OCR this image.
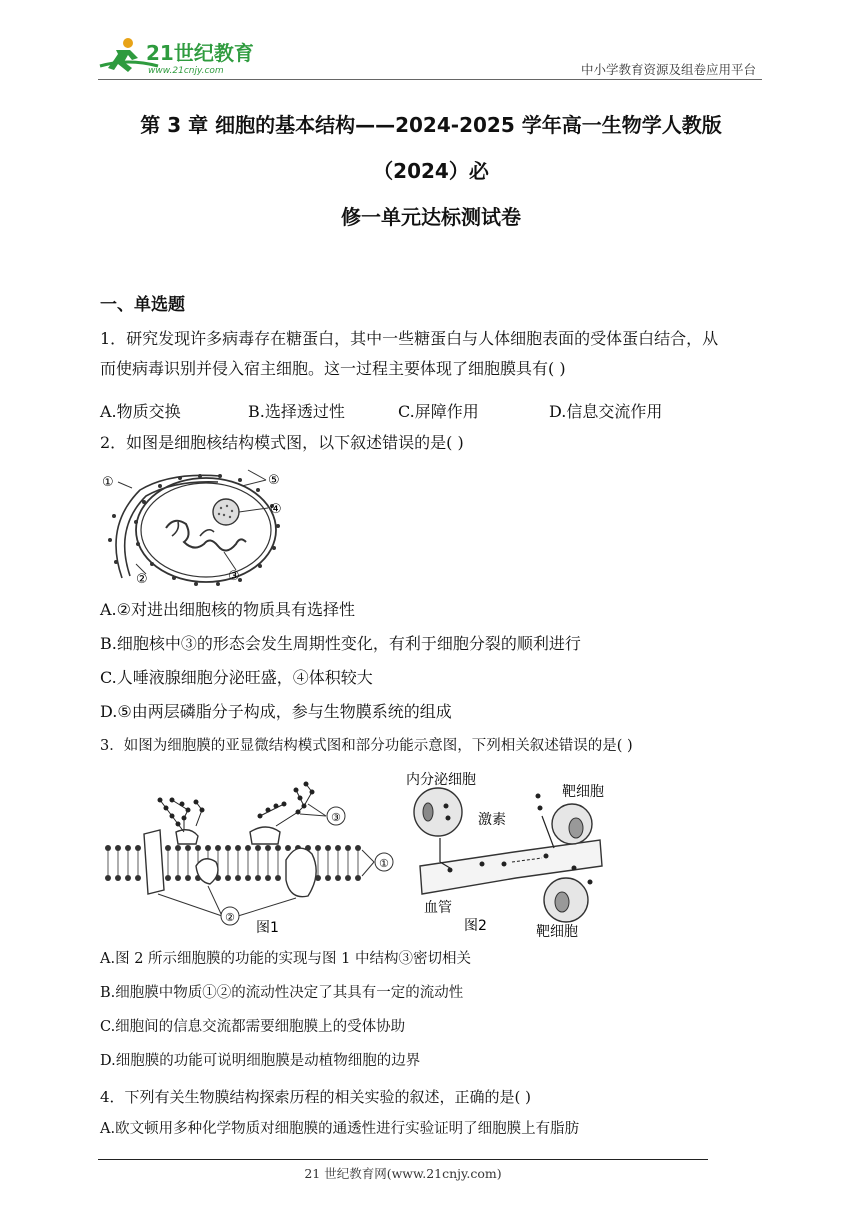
21世纪教育
www.21cnjy.com	中小学教育资源及组卷应用平台
第 3 章 细胞的基本结构——2024-2025 学年高一生物学人教版（2024）必
修一单元达标测试卷
一、单选题
1．研究发现许多病毒存在糖蛋白，其中一些糖蛋白与人体细胞表面的受体蛋白结合，从
而使病毒识别并侵入宿主细胞。这一过程主要体现了细胞膜具有( )
A.物质交换	B.选择透过性	C.屏障作用	D.信息交流作用
2．如图是细胞核结构模式图，以下叙述错误的是( )
①
②	③
④
⑤
A.②对进出细胞核的物质具有选择性
B.细胞核中③的形态会发生周期性变化，有利于细胞分裂的顺利进行
C.人唾液腺细胞分泌旺盛，④体积较大
D.⑤由两层磷脂分子构成，参与生物膜系统的组成
3．如图为细胞膜的亚显微结构模式图和部分功能示意图，下列相关叙述错误的是( )
③
①
②
图1
内分泌细胞
激素
靶细胞
血管
图2	靶细胞
A.图 2 所示细胞膜的功能的实现与图 1 中结构③密切相关
B.细胞膜中物质①②的流动性决定了其具有一定的流动性
C.细胞间的信息交流都需要细胞膜上的受体协助
D.细胞膜的功能可说明细胞膜是动植物细胞的边界
4．下列有关生物膜结构探索历程的相关实验的叙述，正确的是( )
A.欧文顿用多种化学物质对细胞膜的通透性进行实验证明了细胞膜上有脂肪
21 世纪教育网(www.21cnjy.com)
